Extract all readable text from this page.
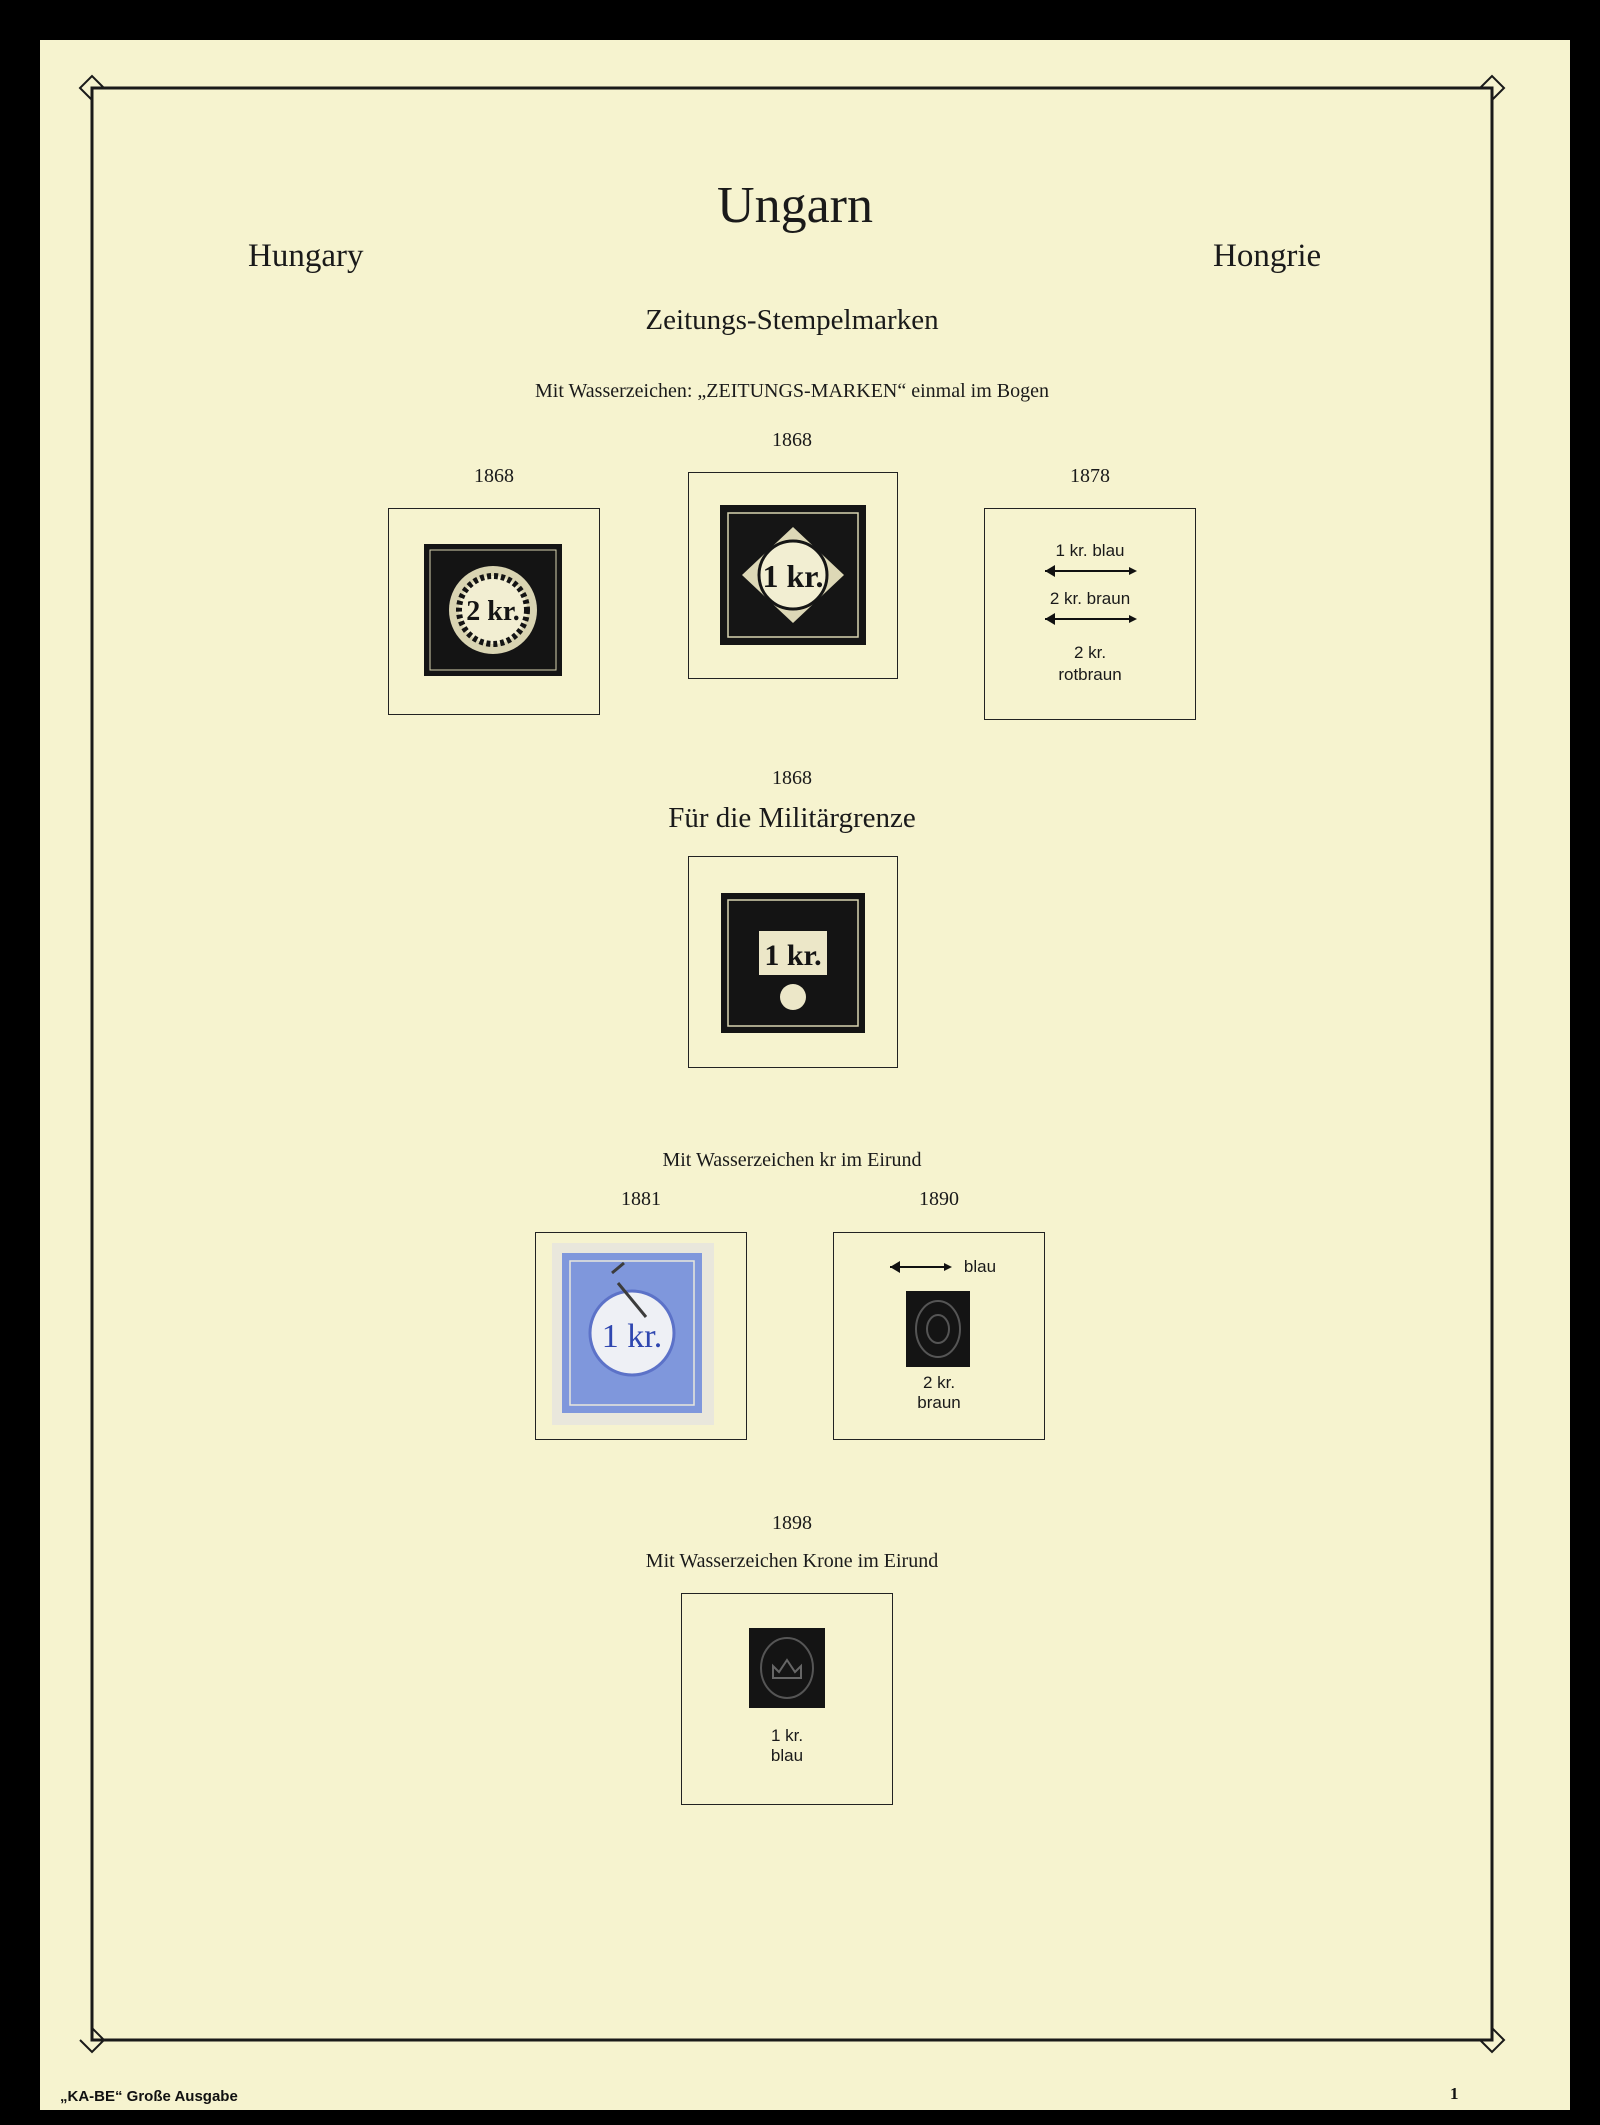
Ungarn
Hungary	Hongrie
Zeitungs-Stempelmarken
Mit Wasserzeichen: „ZEITUNGS-MARKEN“ einmal im Bogen
1868
1868
1878
2 kr.
1 kr.
1 kr. blau
2 kr. braun
2 kr.
rotbraun
1868
Für die Militärgrenze
1 kr.
Mit Wasserzeichen kr im Eirund
1881	1890
1 kr.
blau
2 kr.
braun
1898
Mit Wasserzeichen Krone im Eirund
1 kr.
blau
„KA-BE“ Große Ausgabe	1
